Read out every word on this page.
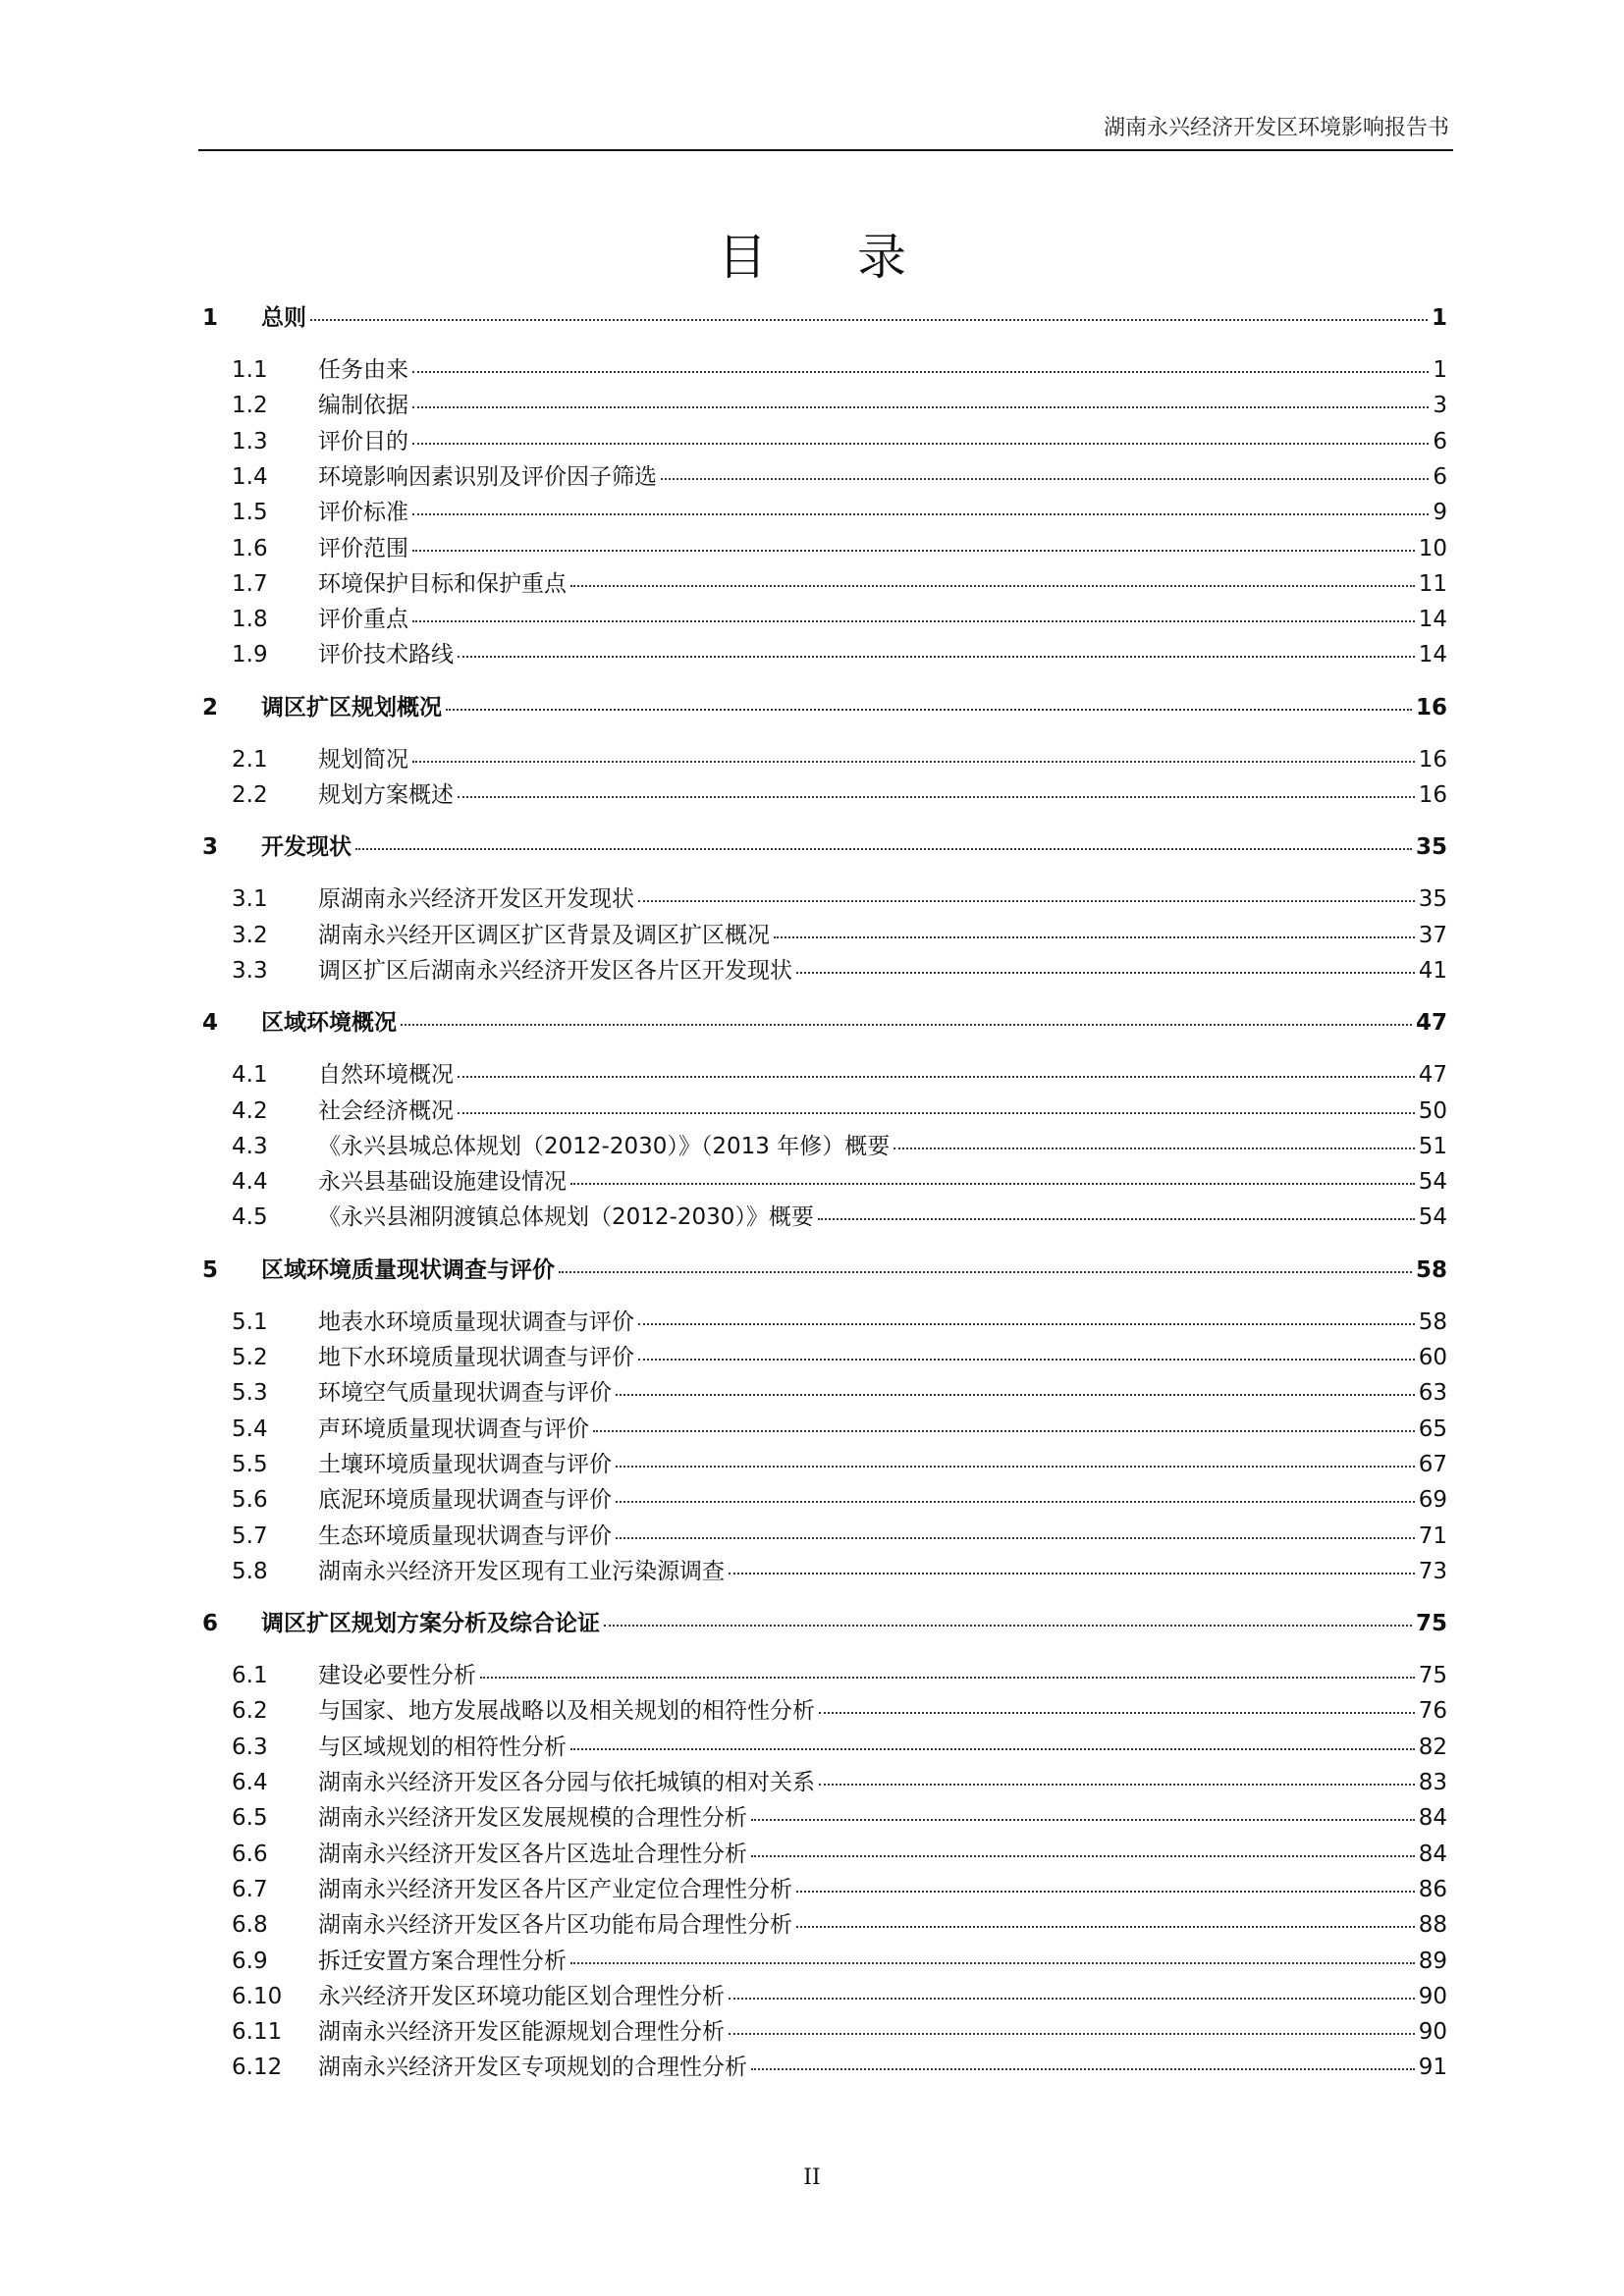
湖南永兴经济开发区环境影响报告书
目 录
1	总则	1
1.1	任务由来	1
1.2	编制依据	3
1.3	评价目的	6
1.4	环境影响因素识别及评价因子筛选	6
1.5	评价标准	9
1.6	评价范围	10
1.7	环境保护目标和保护重点	11
1.8	评价重点	14
1.9	评价技术路线	14
2	调区扩区规划概况	16
2.1	规划简况	16
2.2	规划方案概述	16
3	开发现状	35
3.1	原湖南永兴经济开发区开发现状	35
3.2	湖南永兴经开区调区扩区背景及调区扩区概况	37
3.3	调区扩区后湖南永兴经济开发区各片区开发现状	41
4	区域环境概况	47
4.1	自然环境概况	47
4.2	社会经济概况	50
4.3	《永兴县城总体规划（2012-2030）》（2013 年修）概要	51
4.4	永兴县基础设施建设情况	54
4.5	《永兴县湘阴渡镇总体规划（2012-2030）》概要	54
5	区域环境质量现状调查与评价	58
5.1	地表水环境质量现状调查与评价	58
5.2	地下水环境质量现状调查与评价	60
5.3	环境空气质量现状调查与评价	63
5.4	声环境质量现状调查与评价	65
5.5	土壤环境质量现状调查与评价	67
5.6	底泥环境质量现状调查与评价	69
5.7	生态环境质量现状调查与评价	71
5.8	湖南永兴经济开发区现有工业污染源调查	73
6	调区扩区规划方案分析及综合论证	75
6.1	建设必要性分析	75
6.2	与国家、地方发展战略以及相关规划的相符性分析	76
6.3	与区域规划的相符性分析	82
6.4	湖南永兴经济开发区各分园与依托城镇的相对关系	83
6.5	湖南永兴经济开发区发展规模的合理性分析	84
6.6	湖南永兴经济开发区各片区选址合理性分析	84
6.7	湖南永兴经济开发区各片区产业定位合理性分析	86
6.8	湖南永兴经济开发区各片区功能布局合理性分析	88
6.9	拆迁安置方案合理性分析	89
6.10	永兴经济开发区环境功能区划合理性分析	90
6.11	湖南永兴经济开发区能源规划合理性分析	90
6.12	湖南永兴经济开发区专项规划的合理性分析	91
II
